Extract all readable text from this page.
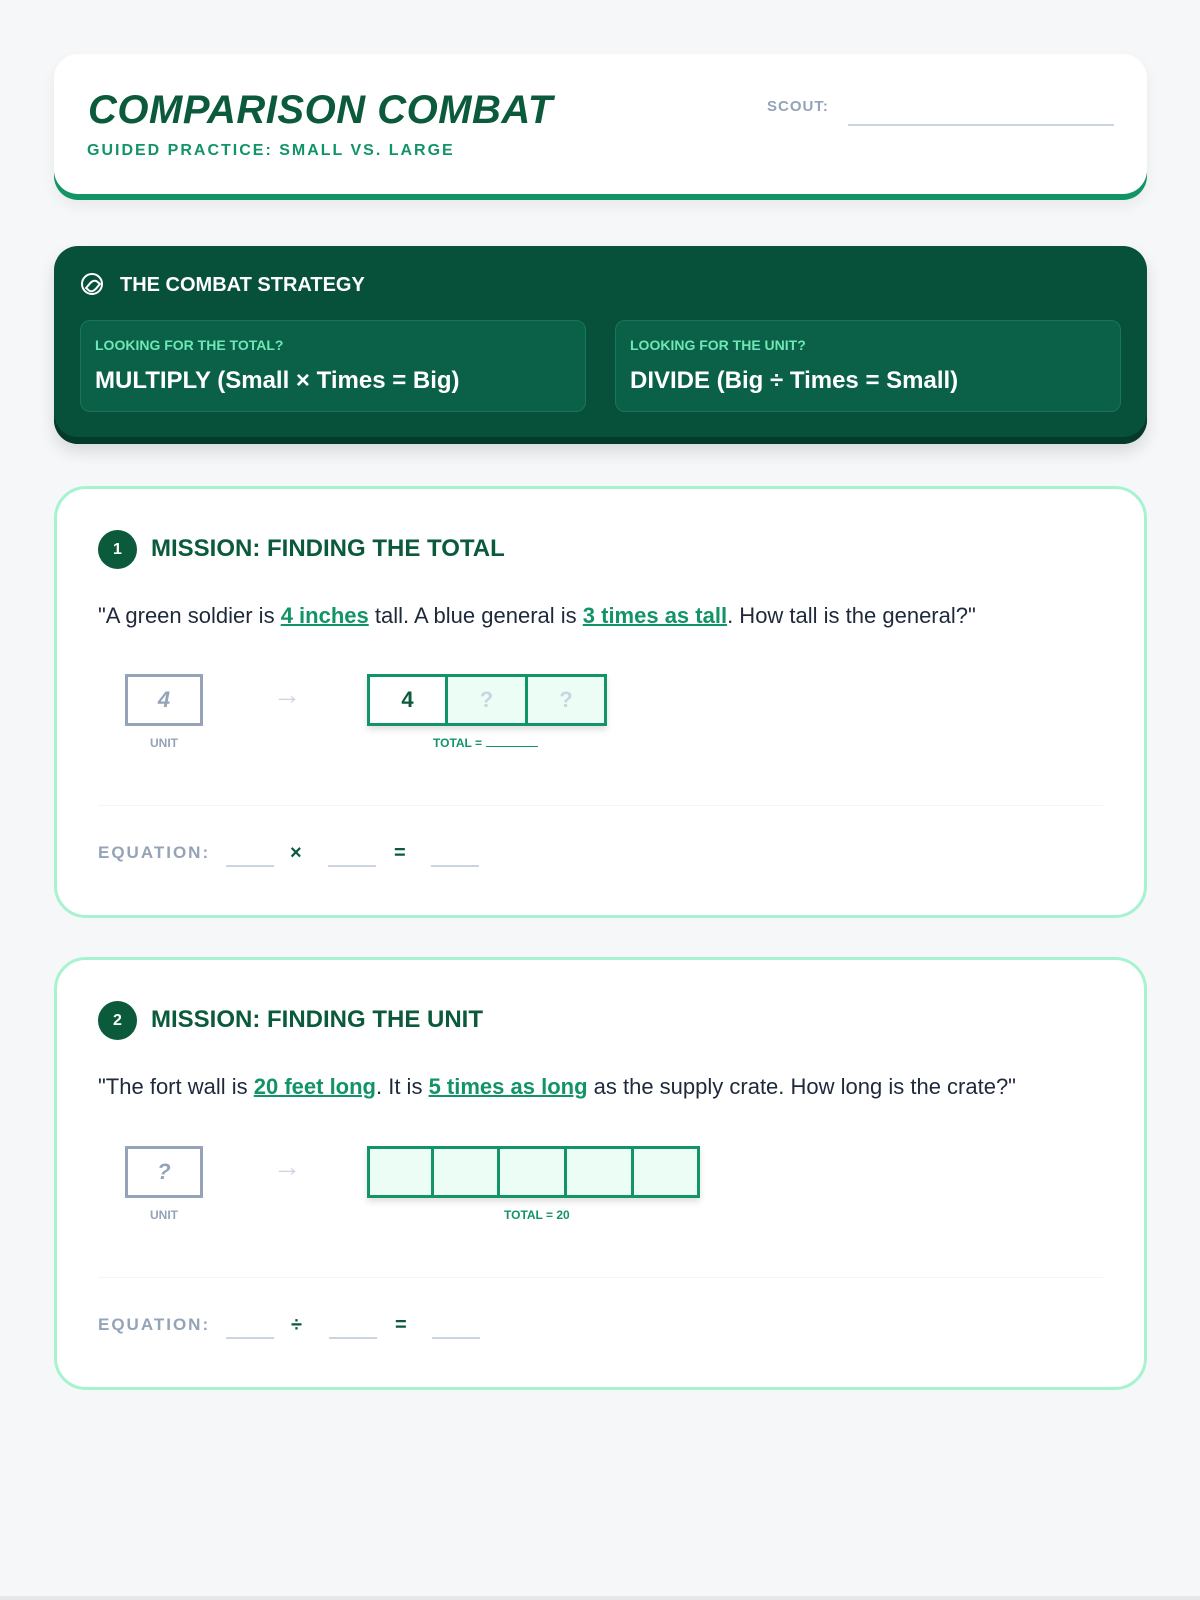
COMPARISON COMBAT
GUIDED PRACTICE: SMALL VS. LARGE
SCOUT:
THE COMBAT STRATEGY
LOOKING FOR THE TOTAL?
MULTIPLY (Small × Times = Big)
LOOKING FOR THE UNIT?
DIVIDE (Big ÷ Times = Small)
1	MISSION: FINDING THE TOTAL
"A green soldier is 4 inches tall. A blue general is 3 times as tall. How tall is the general?"
4
UNIT
→	4	?	?
TOTAL =
EQUATION:	×	=
2	MISSION: FINDING THE UNIT
"The fort wall is 20 feet long. It is 5 times as long as the supply crate. How long is the crate?"
?
UNIT
→
TOTAL = 20
EQUATION:	÷	=
